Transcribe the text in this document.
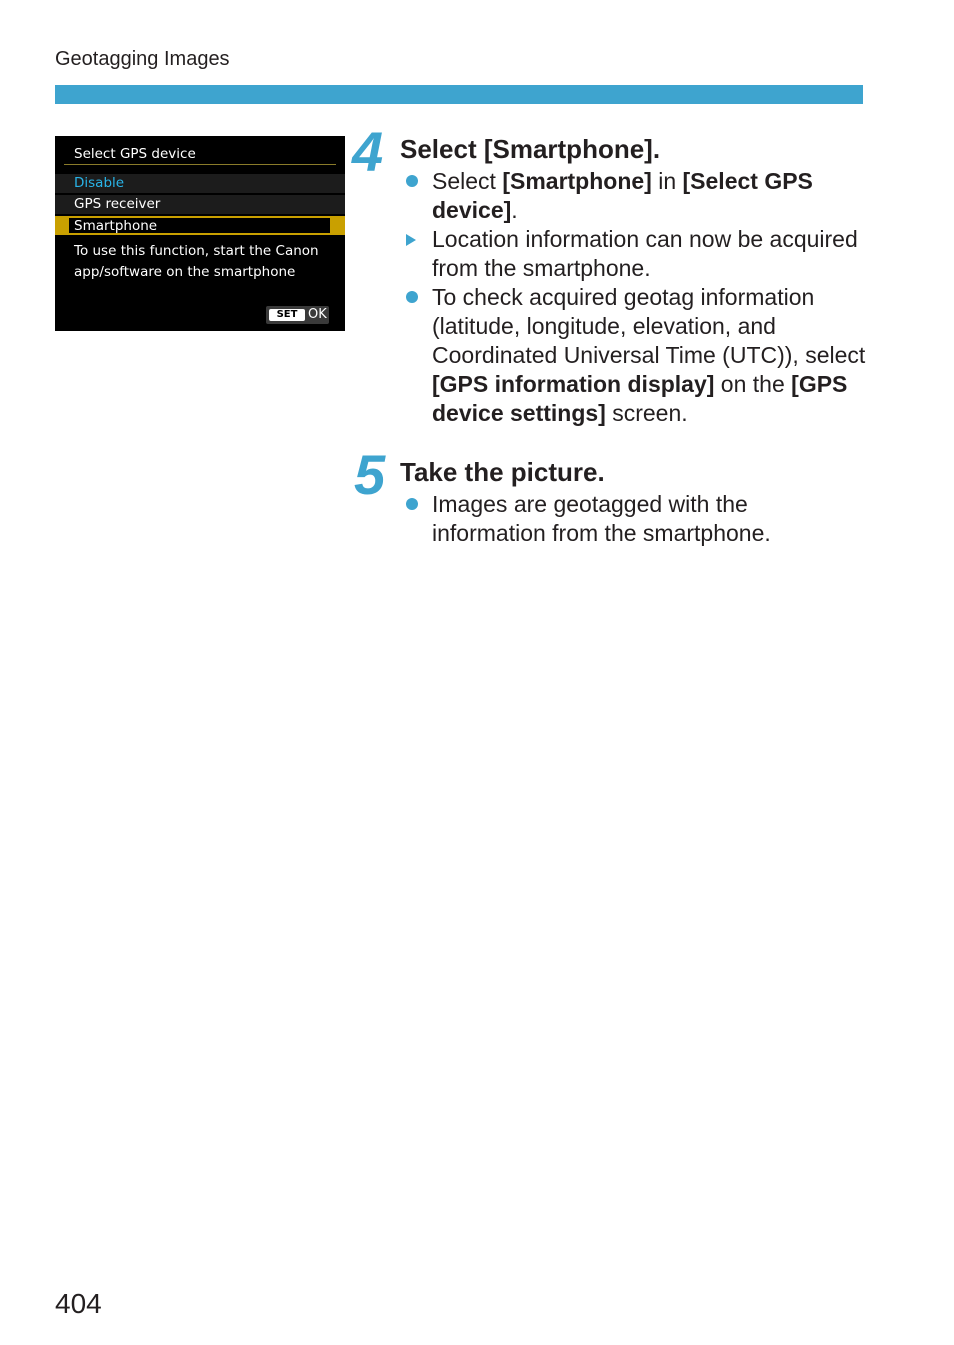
Geotagging Images
Select GPS device
Disable
GPS receiver
Smartphone
To use this function, start the Canon app/software on the smartphone
SET OK
4 Select [Smartphone].
Select [Smartphone] in [Select GPS device].
Location information can now be acquired from the smartphone.
To check acquired geotag information (latitude, longitude, elevation, and Coordinated Universal Time (UTC)), select [GPS information display] on the [GPS device settings] screen.
5 Take the picture.
Images are geotagged with the information from the smartphone.
404
